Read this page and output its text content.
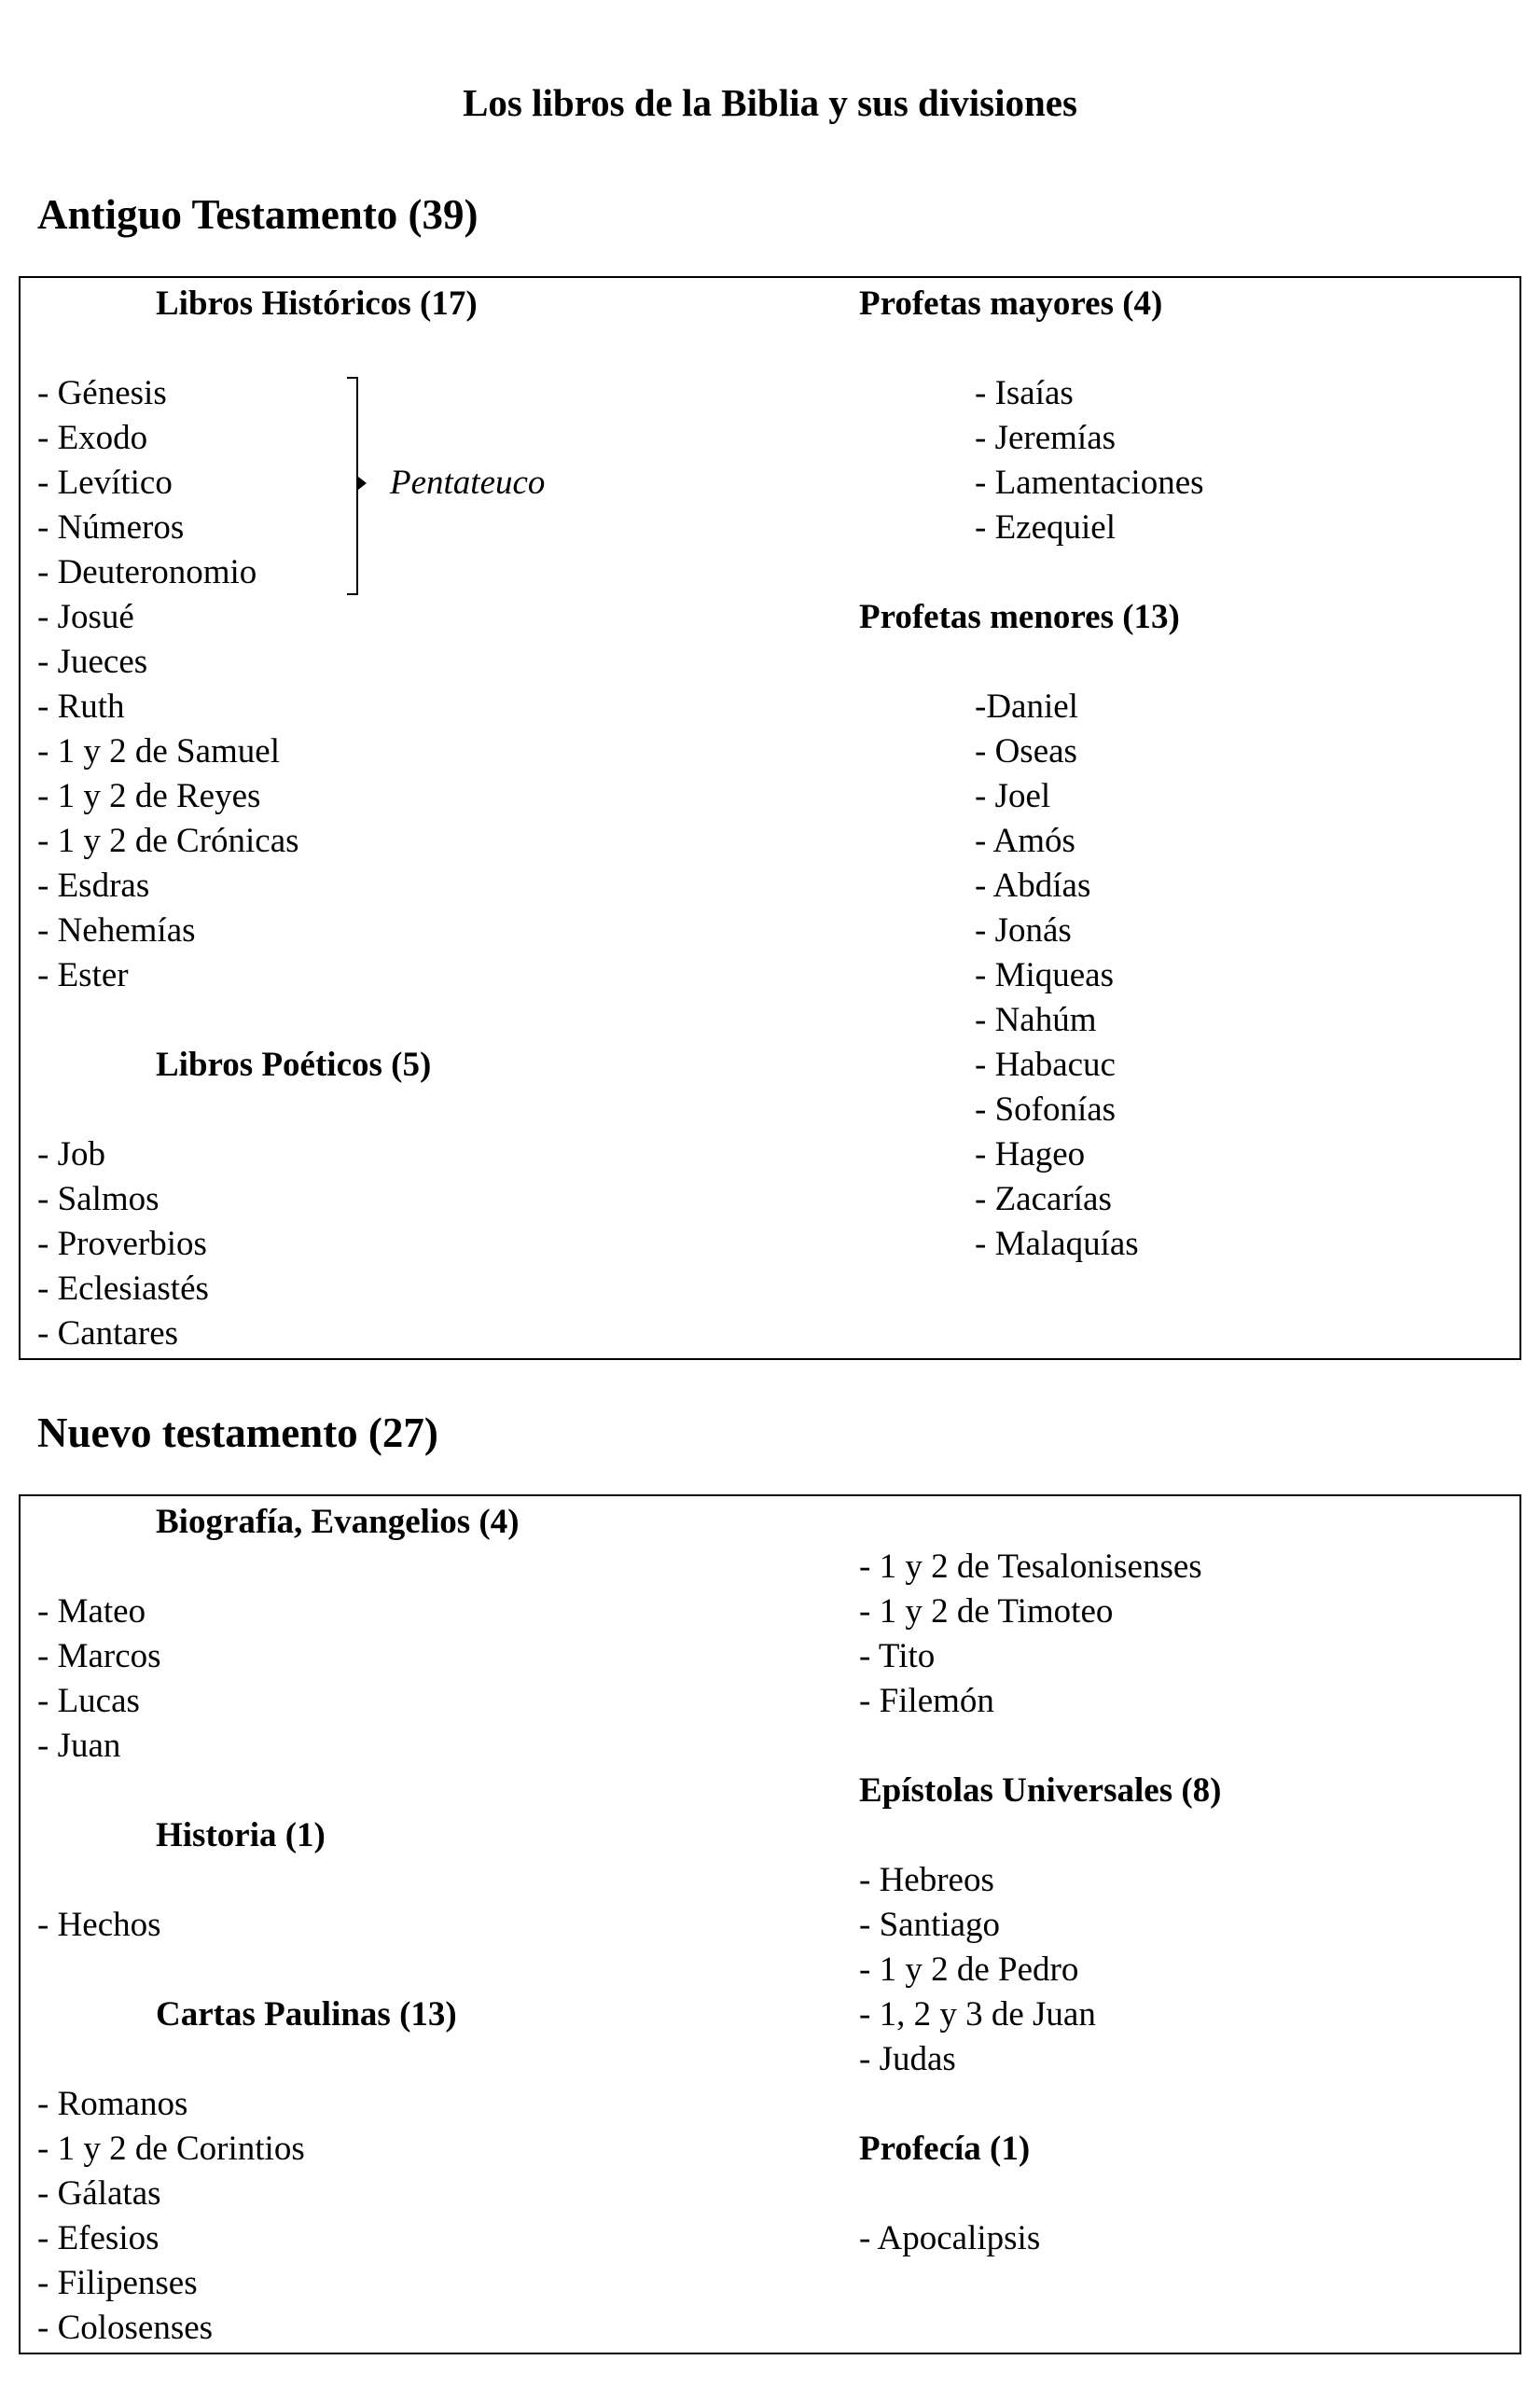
Los libros de la Biblia y sus divisiones
Antiguo Testamento (39)
Libros Históricos (17)
- Génesis
- Exodo
- Levítico
- Números
- Deuteronomio
- Josué
- Jueces
- Ruth
- 1 y 2 de Samuel
- 1 y 2 de Reyes
- 1 y 2 de Crónicas
- Esdras
- Nehemías
- Ester
Pentateuco
Libros Poéticos (5)
- Job
- Salmos
- Proverbios
- Eclesiastés
- Cantares
Profetas mayores (4)
- Isaías
- Jeremías
- Lamentaciones
- Ezequiel
Profetas menores (13)
-Daniel
- Oseas
- Joel
- Amós
- Abdías
- Jonás
- Miqueas
- Nahúm
- Habacuc
- Sofonías
- Hageo
- Zacarías
- Malaquías
Nuevo testamento (27)
Biografía, Evangelios (4)
- Mateo
- Marcos
- Lucas
- Juan
Historia (1)
- Hechos
Cartas Paulinas (13)
- Romanos
- 1 y 2 de Corintios
- Gálatas
- Efesios
- Filipenses
- Colosenses
- 1 y 2 de Tesalonisenses
- 1 y 2 de Timoteo
- Tito
- Filemón
Epístolas Universales (8)
- Hebreos
- Santiago
- 1 y 2 de Pedro
- 1, 2 y 3 de Juan
- Judas
Profecía (1)
- Apocalipsis
